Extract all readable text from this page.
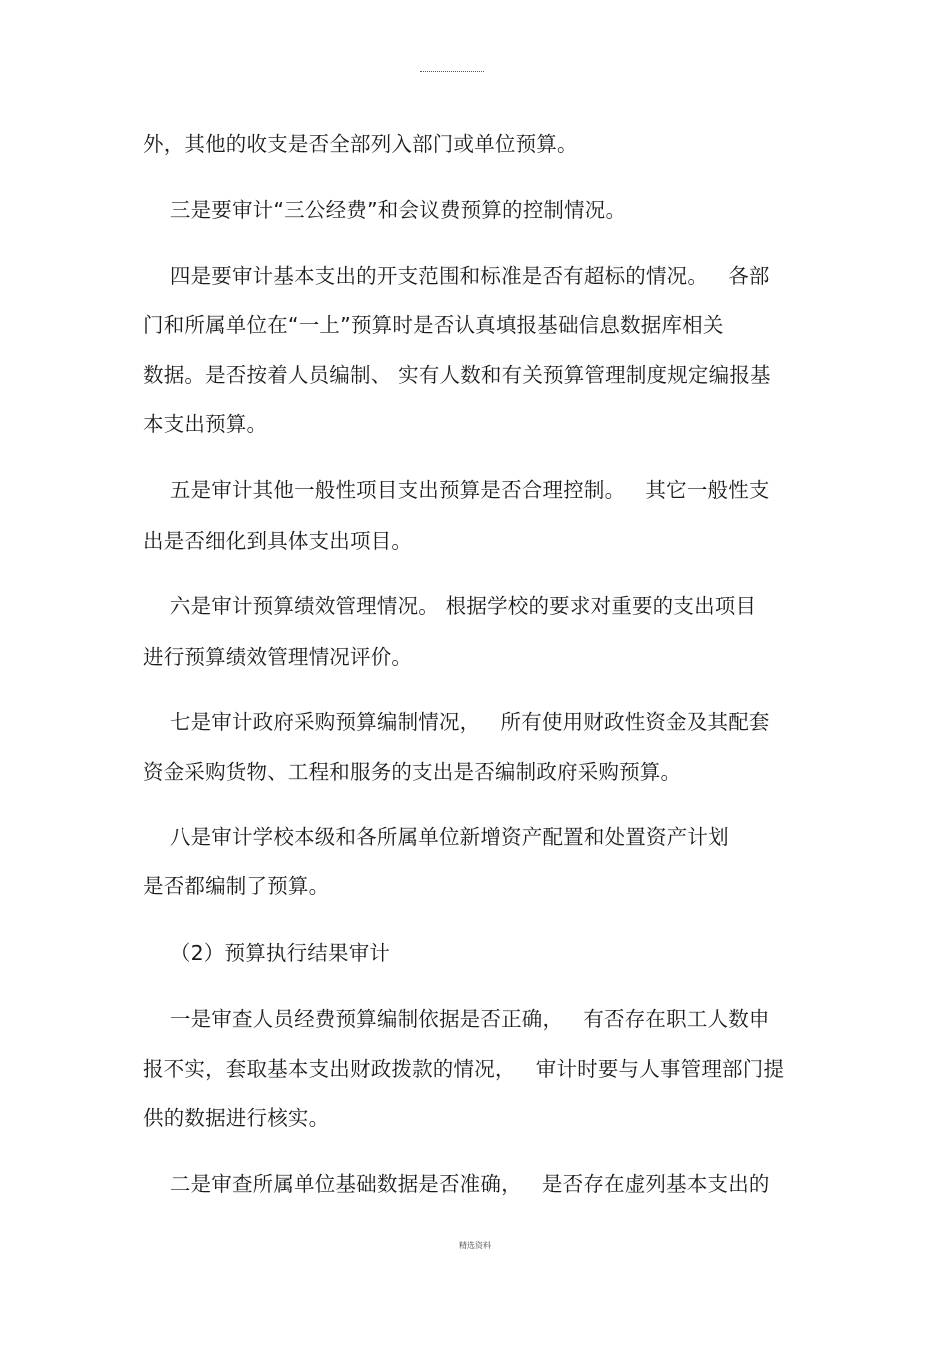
外，其他的收支是否全部列入部门或单位预算。
三是要审计“三公经费”和会议费预算的控制情况。
四是要审计基本支出的开支范围和标准是否有超标的情况。   各部
门和所属单位在“一上”预算时是否认真填报基础信息数据库相关
数据。是否按着人员编制、 实有人数和有关预算管理制度规定编报基
本支出预算。
五是审计其他一般性项目支出预算是否合理控制。   其它一般性支
出是否细化到具体支出项目。
六是审计预算绩效管理情况。 根据学校的要求对重要的支出项目
进行预算绩效管理情况评价。
七是审计政府采购预算编制情况，   所有使用财政性资金及其配套
资金采购货物、工程和服务的支出是否编制政府采购预算。
八是审计学校本级和各所属单位新增资产配置和处置资产计划
是否都编制了预算。
（2）预算执行结果审计
一是审查人员经费预算编制依据是否正确，   有否存在职工人数申
报不实，套取基本支出财政拨款的情况，   审计时要与人事管理部门提
供的数据进行核实。
二是审查所属单位基础数据是否准确，   是否存在虚列基本支出的
精选资料
